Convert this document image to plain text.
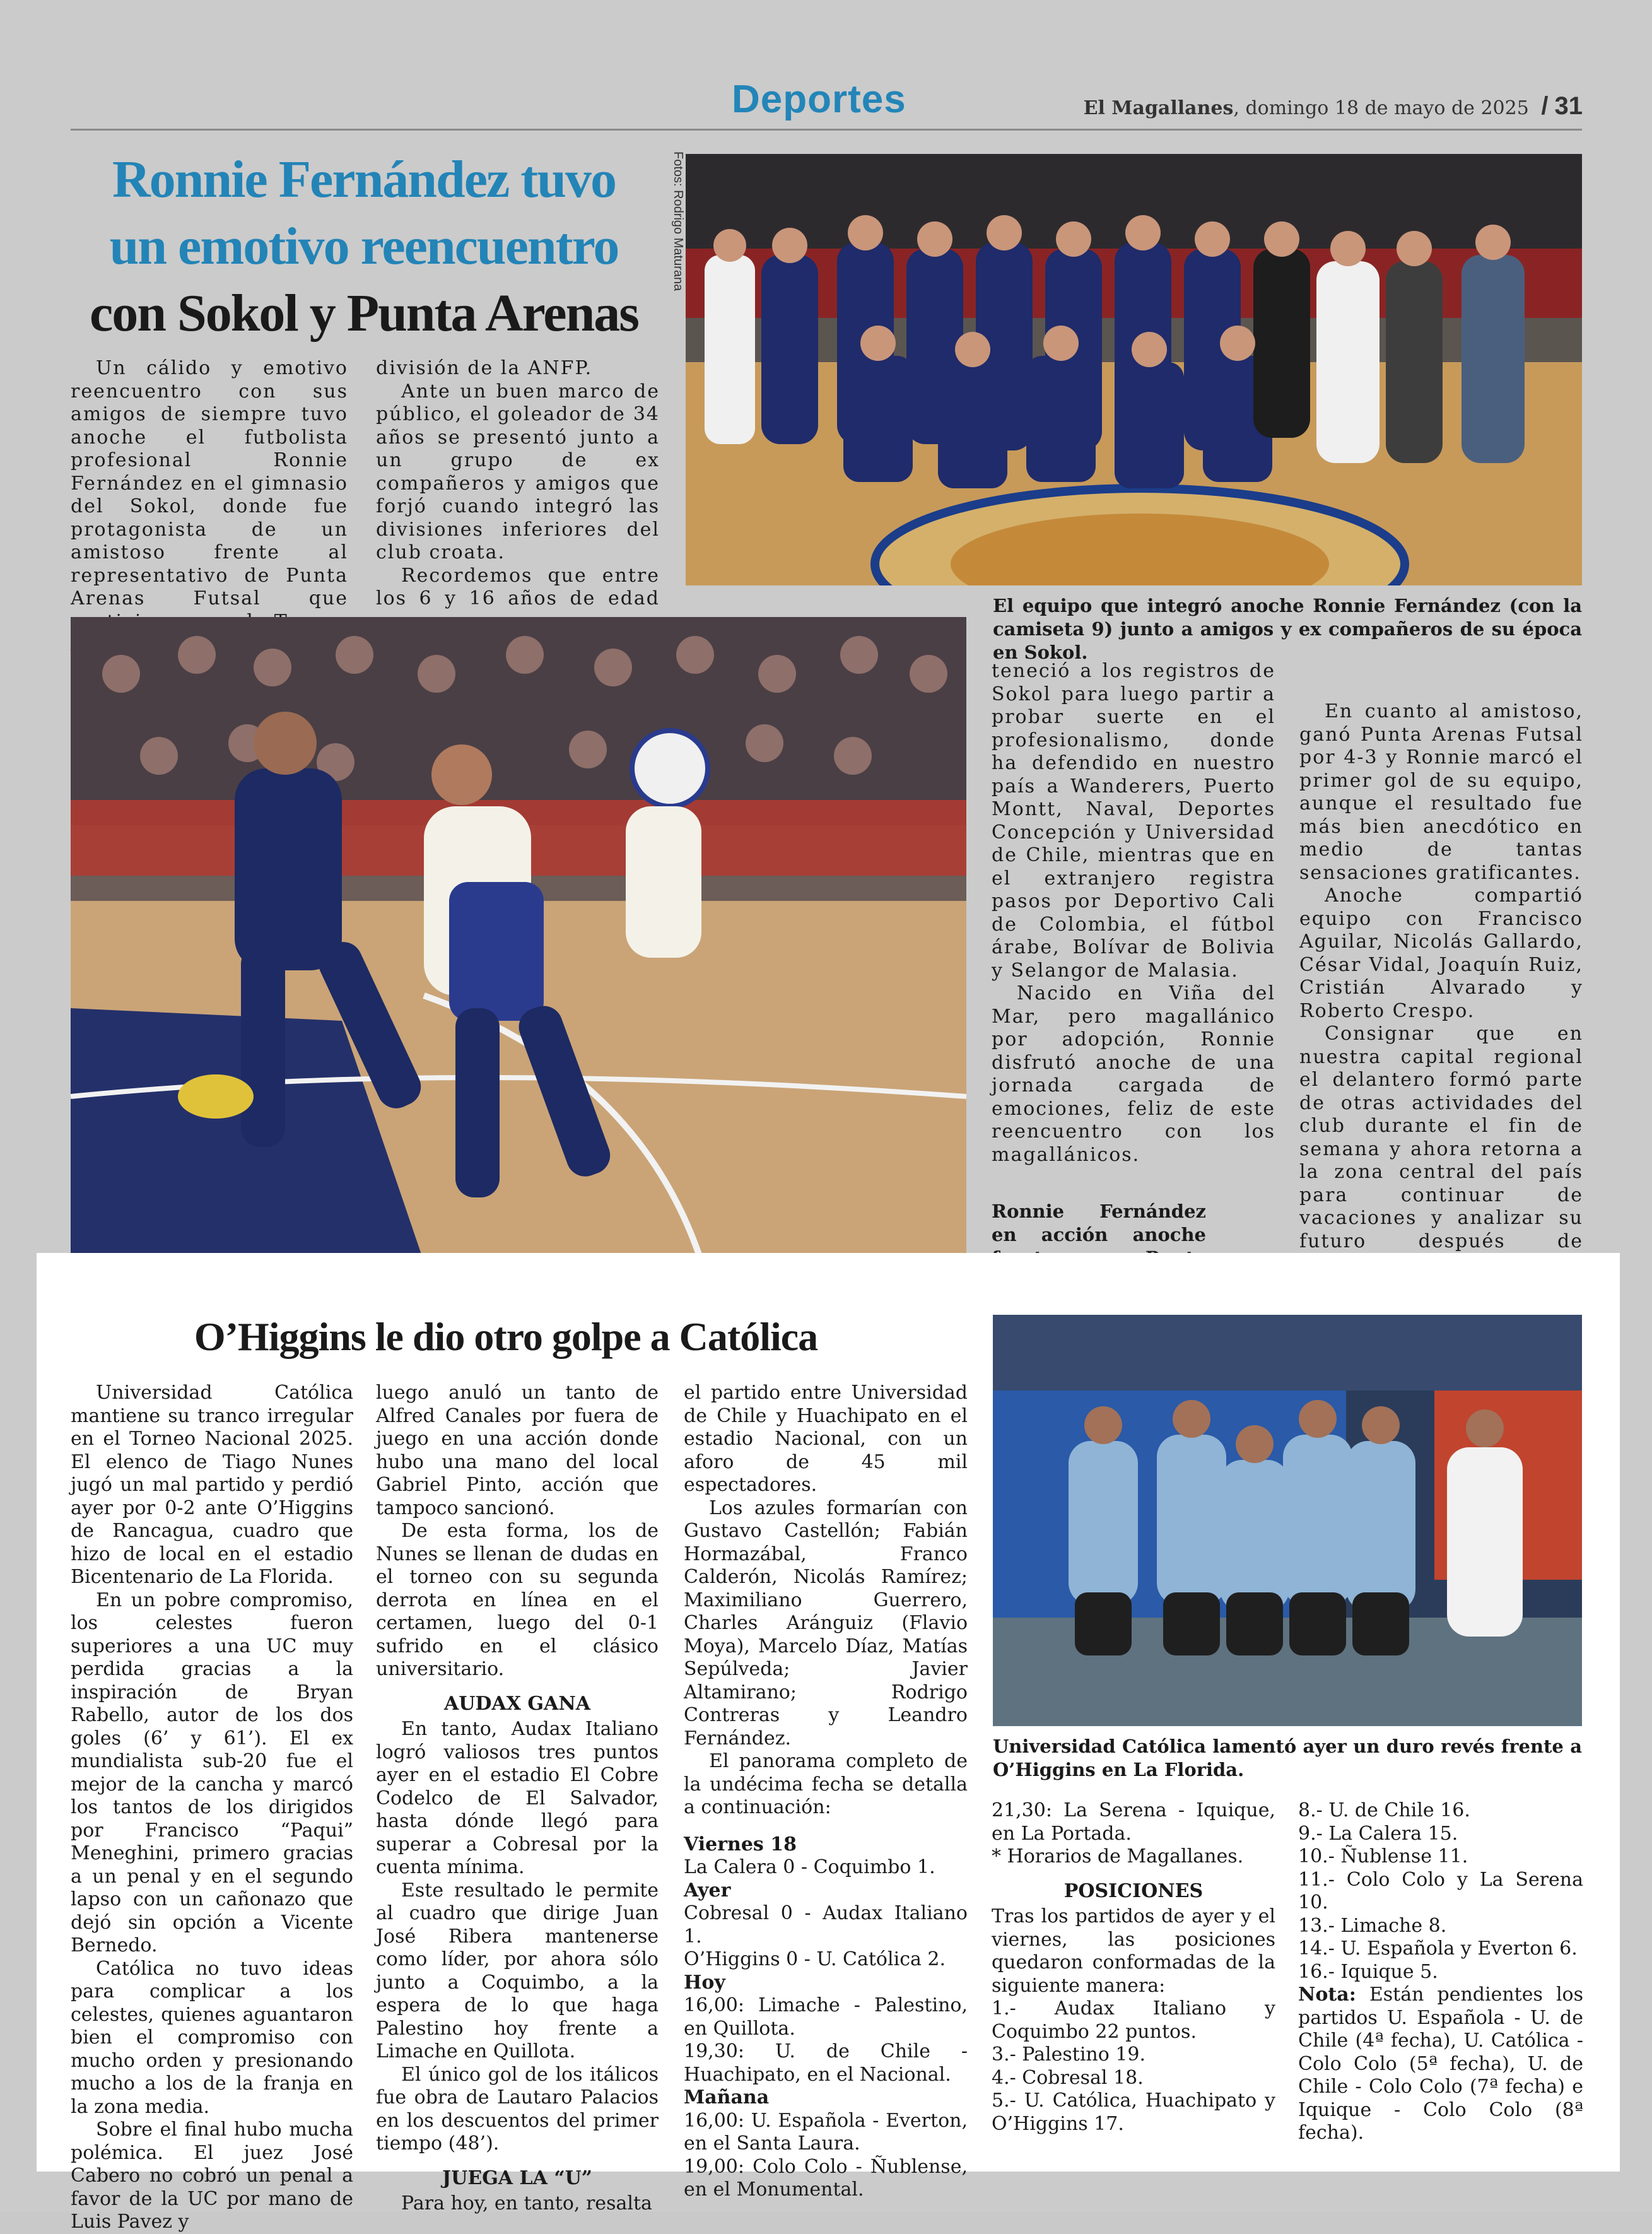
Deportes	El Magallanes, domingo 18 de mayo de 2025 / 31
Ronnie Fernández tuvo
un emotivo reencuentro
con Sokol y Punta Arenas
Fotos: Rodrigo Maturana
El equipo que integró anoche Ronnie Fernández (con la camiseta 9) junto a amigos y ex compañeros de su época en Sokol.

Un cálido y emotivo reencuentro con sus amigos de siempre tuvo anoche el futbolista profesional Ronnie Fernández en el gimnasio del Sokol, donde fue protagonista de un amistoso frente al representativo de Punta Arenas Futsal que

división de la ANFP.

Ante un buen marco de público, el goleador de 34 años se presentó junto a un grupo de ex compañeros y amigos que forjó cuando integró las divisiones inferiores del club croata.

Recordemos que entre los 6 y 16 años de edad

teneció a los registros de Sokol para luego partir a probar suerte en el profesionalismo, donde ha defendido en nuestro país a Wanderers, Puerto Montt, Naval, Deportes Concepción y Universidad de Chile, mientras que en el extranjero registra pasos por Deportivo Cali de Colombia, el fútbol árabe, Bolívar de Bolivia y Selangor de Malasia.

Nacido en Viña del Mar, pero magallánico por adopción, Ronnie disfrutó anoche de una jornada cargada de emociones, feliz de este reencuentro con los magallánicos.

Ronnie Fernández en acción anoche

En cuanto al amistoso, ganó Punta Arenas Futsal por 4-3 y Ronnie marcó el primer gol de su equipo, aunque el resultado fue más bien anecdótico en medio de tantas sensaciones gratificantes.

Anoche compartió equipo con Francisco Aguilar, Nicolás Gallardo, César Vidal, Joaquín Ruiz, Cristián Alvarado y Roberto Crespo.

Consignar que en nuestra capital regional el delantero formó parte de otras actividades del club durante el fin de semana y ahora retorna a la zona central del país para continuar de vacaciones y analizar su futuro después de

O’Higgins le dio otro golpe a Católica
Universidad Católica lamentó ayer un duro revés frente a O’Higgins en La Florida.

Universidad Católica mantiene su tranco irregular en el Torneo Nacional 2025. El elenco de Tiago Nunes jugó un mal partido y perdió ayer por 0-2 ante O’Higgins de Rancagua, cuadro que hizo de local en el estadio Bicentenario de La Florida.

En un pobre compromiso, los celestes fueron superiores a una UC muy perdida gracias a la inspiración de Bryan Rabello, autor de los dos goles (6’ y 61’). El ex mundialista sub-20 fue el mejor de la cancha y marcó los tantos de los dirigidos por Francisco “Paqui” Meneghini, primero gracias a un penal y en el segundo lapso con un cañonazo que dejó sin opción a Vicente Bernedo.

Católica no tuvo ideas para complicar a los celestes, quienes aguantaron bien el compromiso con mucho orden y presionando mucho a los de la franja en la zona media.

Sobre el final hubo mucha polémica. El juez José Cabero no cobró un penal a favor de la UC por mano de Luis Pavez y

luego anuló un tanto de Alfred Canales por fuera de juego en una acción donde hubo una mano del local Gabriel Pinto, acción que tampoco sancionó.

De esta forma, los de Nunes se llenan de dudas en el torneo con su segunda derrota en línea en el certamen, luego del 0-1 sufrido en el clásico universitario.

AUDAX GANA

En tanto, Audax Italiano logró valiosos tres puntos ayer en el estadio El Cobre Codelco de El Salvador, hasta dónde llegó para superar a Cobresal por la cuenta mínima.

Este resultado le permite al cuadro que dirige Juan José Ribera mantenerse como líder, por ahora sólo junto a Coquimbo, a la espera de lo que haga Palestino hoy frente a Limache en Quillota.

El único gol de los itálicos fue obra de Lautaro Palacios en los descuentos del primer tiempo (48’).

JUEGA LA “U”

Para hoy, en tanto, resalta

el partido entre Universidad de Chile y Huachipato en el estadio Nacional, con un aforo de 45 mil espectadores.

Los azules formarían con Gustavo Castellón; Fabián Hormazábal, Franco Calderón, Nicolás Ramírez; Maximiliano Guerrero, Charles Aránguiz (Flavio Moya), Marcelo Díaz, Matías Sepúlveda; Javier Altamirano; Rodrigo Contreras y Leandro Fernández.

El panorama completo de la undécima fecha se detalla a continuación:

Viernes 18

La Calera 0 - Coquimbo 1.

Ayer

Cobresal 0 - Audax Italiano 1.

O’Higgins 0 - U. Católica 2.

Hoy

16,00: Limache - Palestino, en Quillota.

19,30: U. de Chile - Huachipato, en el Nacional.

Mañana

16,00: U. Española - Everton, en el Santa Laura.

19,00: Colo Colo - Ñublense, en el Monumental.

21,30: La Serena - Iquique, en La Portada.

* Horarios de Magallanes.

POSICIONES

Tras los partidos de ayer y el viernes, las posiciones quedaron conformadas de la siguiente manera:

1.- Audax Italiano y Coquimbo 22 puntos.

3.- Palestino 19.

4.- Cobresal 18.

5.- U. Católica, Huachipato y O’Higgins 17.

8.- U. de Chile 16.

9.- La Calera 15.

10.- Ñublense 11.

11.- Colo Colo y La Serena 10.

13.- Limache 8.

14.- U. Española y Everton 6.

16.- Iquique 5.

Nota: Están pendientes los partidos U. Española - U. de Chile (4ª fecha), U. Católica - Colo Colo (5ª fecha), U. de Chile - Colo Colo (7ª fecha) e Iquique - Colo Colo (8ª fecha).
